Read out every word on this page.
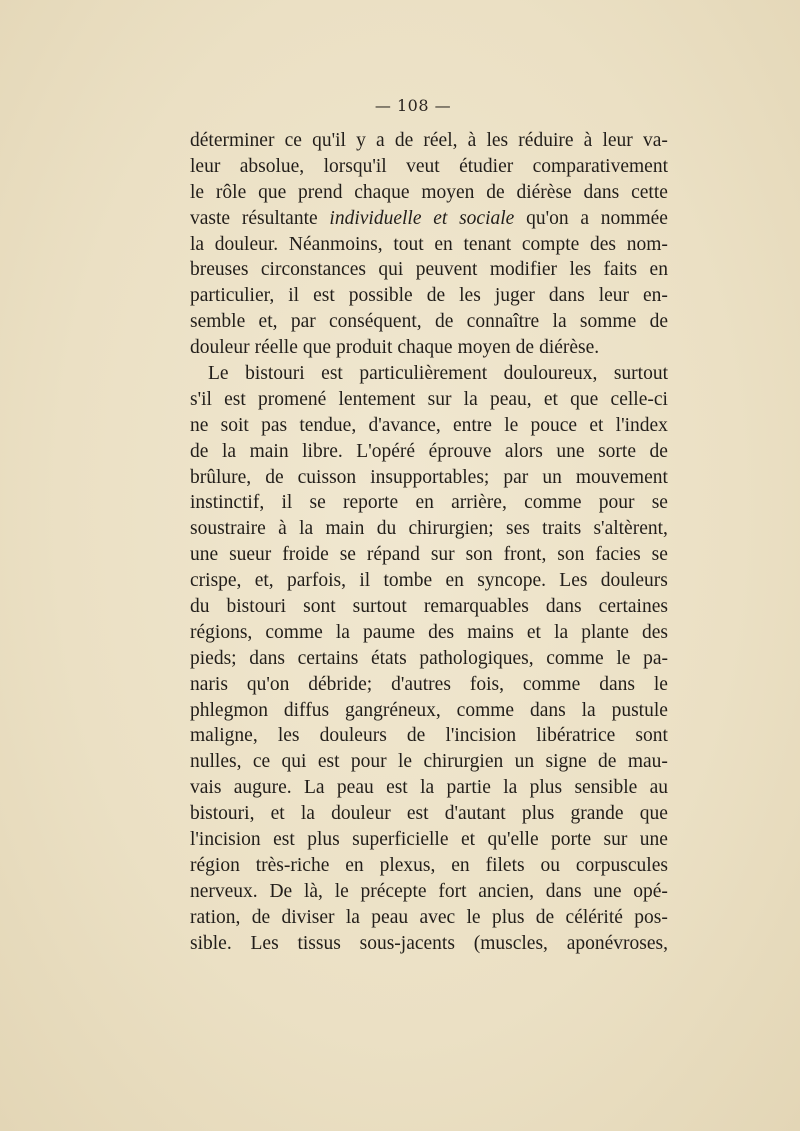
— 108 —
déterminer ce qu'il y a de réel, à les réduire à leur va-
leur absolue, lorsqu'il veut étudier comparativement
le rôle que prend chaque moyen de diérèse dans cette
vaste résultante individuelle et sociale qu'on a nommée
la douleur. Néanmoins, tout en tenant compte des nom-
breuses circonstances qui peuvent modifier les faits en
particulier, il est possible de les juger dans leur en-
semble et, par conséquent, de connaître la somme de
douleur réelle que produit chaque moyen de diérèse.
Le bistouri est particulièrement douloureux, surtout
s'il est promené lentement sur la peau, et que celle-ci
ne soit pas tendue, d'avance, entre le pouce et l'index
de la main libre. L'opéré éprouve alors une sorte de
brûlure, de cuisson insupportables; par un mouvement
instinctif, il se reporte en arrière, comme pour se
soustraire à la main du chirurgien; ses traits s'altèrent,
une sueur froide se répand sur son front, son facies se
crispe, et, parfois, il tombe en syncope. Les douleurs
du bistouri sont surtout remarquables dans certaines
régions, comme la paume des mains et la plante des
pieds; dans certains états pathologiques, comme le pa-
naris qu'on débride; d'autres fois, comme dans le
phlegmon diffus gangréneux, comme dans la pustule
maligne, les douleurs de l'incision libératrice sont
nulles, ce qui est pour le chirurgien un signe de mau-
vais augure. La peau est la partie la plus sensible au
bistouri, et la douleur est d'autant plus grande que
l'incision est plus superficielle et qu'elle porte sur une
région très-riche en plexus, en filets ou corpuscules
nerveux. De là, le précepte fort ancien, dans une opé-
ration, de diviser la peau avec le plus de célérité pos-
sible. Les tissus sous-jacents (muscles, aponévroses,
